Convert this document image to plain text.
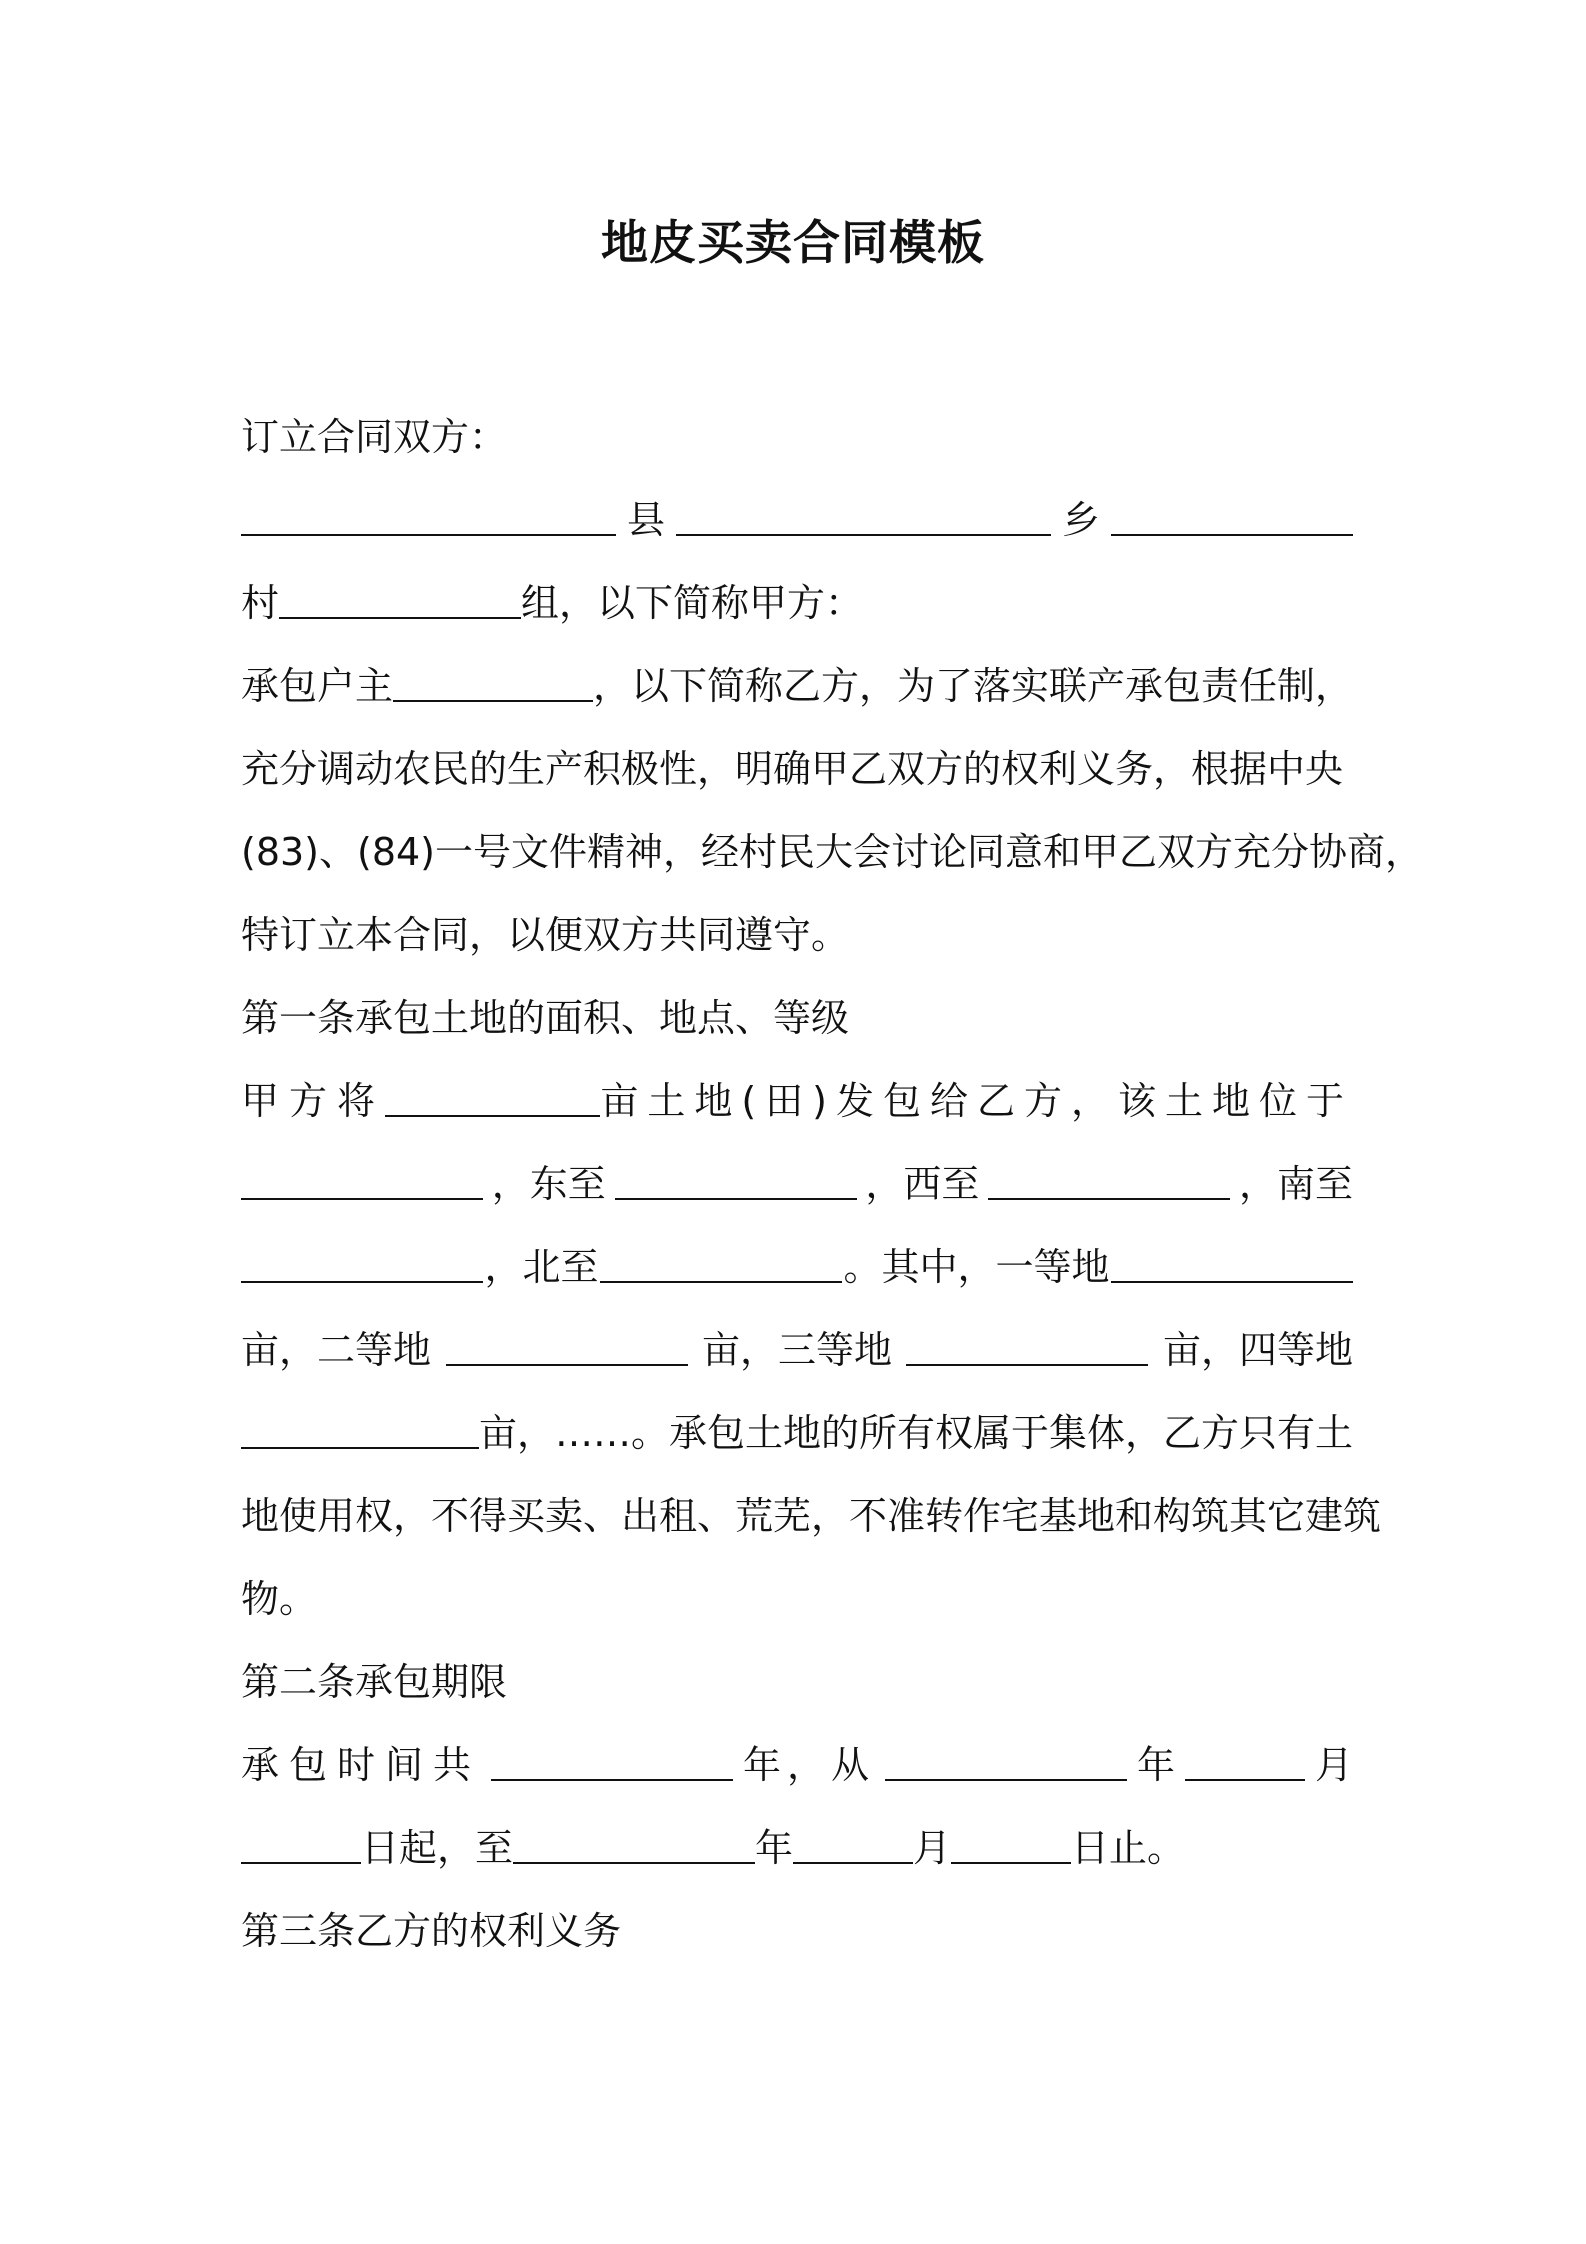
地皮买卖合同模板
订立合同双方：
县	乡
村	组，以下简称甲方：
承包户主	，以下简称乙方，为了落实联产承包责任制，
充分调动农民的生产积极性，明确甲乙双方的权利义务，根据中央
(83)、(84)一号文件精神，经村民大会讨论同意和甲乙双方充分协商，
特订立本合同，以便双方共同遵守。
第一条承包土地的面积、地点、等级
甲方将	亩土地(田)发包给乙方，该土地位于
，东至	，西至	，南至
，北至	。其中，一等地
亩，二等地	亩，三等地	亩，四等地
亩，……。承包土地的所有权属于集体，乙方只有土
地使用权，不得买卖、出租、荒芜，不准转作宅基地和构筑其它建筑
物。
第二条承包期限
承包时间共	年，从	年	月
日起，至	年	月	日止。
第三条乙方的权利义务
